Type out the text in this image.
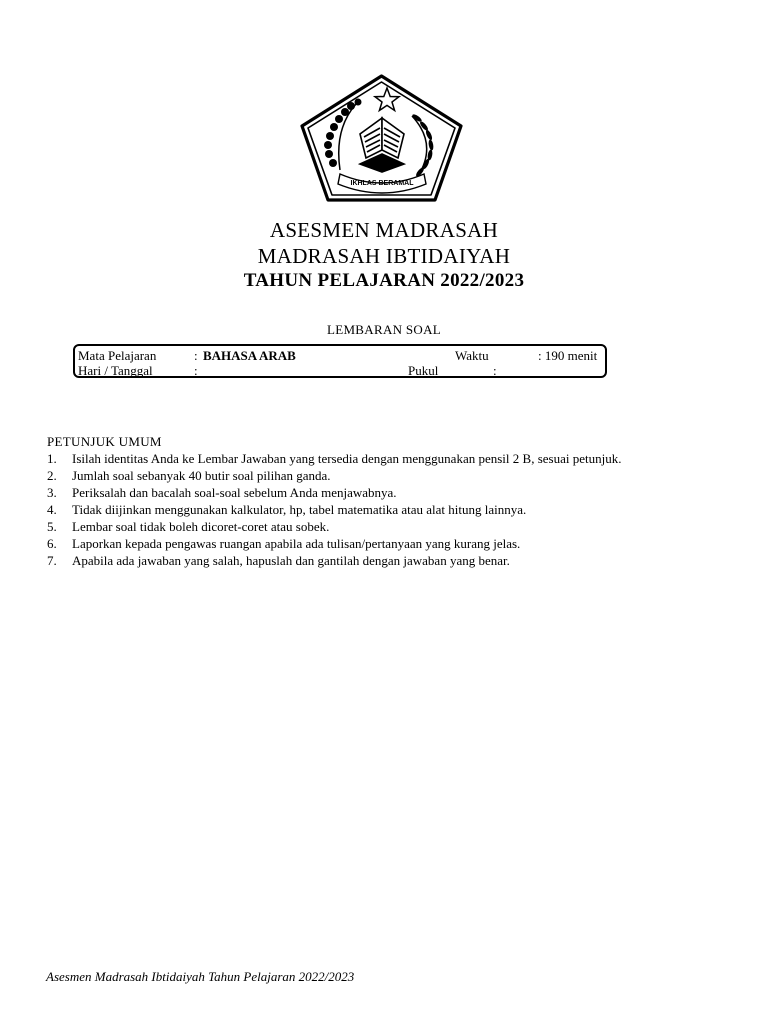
IKHLAS BERAMAL
ASESMEN MADRASAH
MADRASAH IBTIDAIYAH
TAHUN PELAJARAN 2022/2023
LEMBARAN SOAL
Mata Pelajaran	: BAHASA ARAB	Waktu	: 190 menit
Hari / Tanggal	:	Pukul	:
PETUNJUK UMUM
1. Isilah identitas Anda ke Lembar Jawaban yang tersedia dengan menggunakan pensil 2 B, sesuai petunjuk.
2. Jumlah soal sebanyak 40 butir soal pilihan ganda.
3. Periksalah dan bacalah soal-soal sebelum Anda menjawabnya.
4. Tidak diijinkan menggunakan kalkulator, hp, tabel matematika atau alat hitung lainnya.
5. Lembar soal tidak boleh dicoret-coret atau sobek.
6. Laporkan kepada pengawas ruangan apabila ada tulisan/pertanyaan yang kurang jelas.
7. Apabila ada jawaban yang salah, hapuslah dan gantilah dengan jawaban yang benar.
Asesmen Madrasah Ibtidaiyah Tahun Pelajaran 2022/2023
